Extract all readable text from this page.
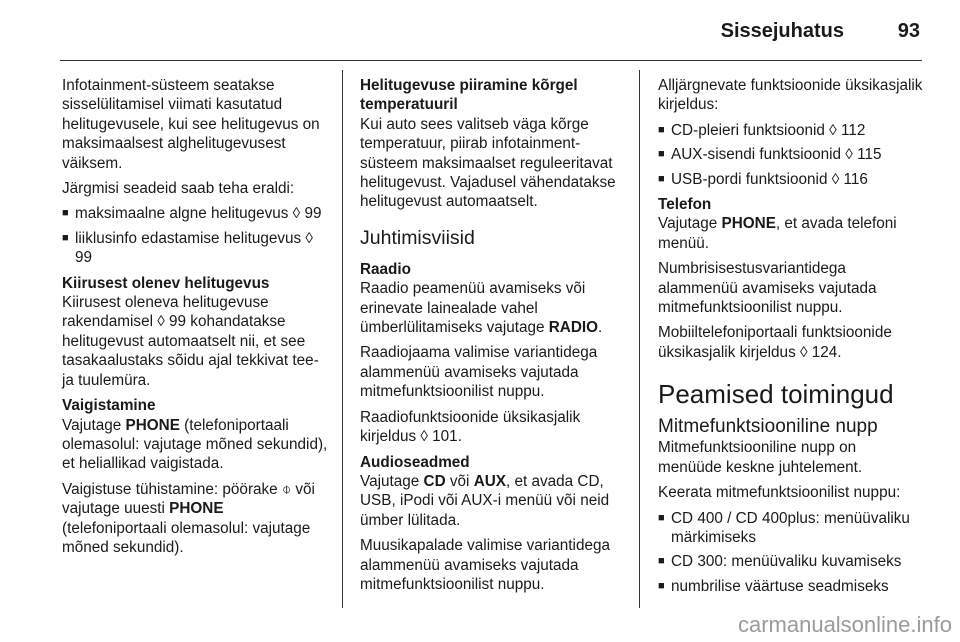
Sissejuhatus	93

Infotainment-süsteem seatakse sisselülitamisel viimati kasutatud helitugevusele, kui see helitugevus on maksimaalsest alghelitugevusest väiksem.

Järgmisi seadeid saab teha eraldi:

■ maksimaalne algne helitugevus ◊ 99
■ liiklusinfo edastamise helitugevus ◊ 99

Kiirusest olenev helitugevus

Kiirusest oleneva helitugevuse rakendamisel ◊ 99 kohandatakse helitugevust automaatselt nii, et see tasakaalustaks sõidu ajal tekkivat tee- ja tuulemüra.

Vaigistamine

Vajutage PHONE (telefoniportaali olemasolul: vajutage mõned sekundid), et heliallikad vaigistada.

Vaigistuse tühistamine: pöörake ⌽ või vajutage uuesti PHONE (telefoniportaali olemasolul: vajutage mõned sekundid).

Helitugevuse piiramine kõrgel temperatuuril

Kui auto sees valitseb väga kõrge temperatuur, piirab infotainment-süsteem maksimaalset reguleeritavat helitugevust. Vajadusel vähendatakse helitugevust automaatselt.

Juhtimisviisid

Raadio

Raadio peamenüü avamiseks või erinevate lainealade vahel ümberlülitamiseks vajutage RADIO.

Raadiojaama valimise variantidega alammenüü avamiseks vajutada mitmefunktsioonilist nuppu.

Raadiofunktsioonide üksikasjalik kirjeldus ◊ 101.

Audioseadmed

Vajutage CD või AUX, et avada CD, USB, iPodi või AUX-i menüü või neid ümber lülitada.

Muusikapalade valimise variantidega alammenüü avamiseks vajutada mitmefunktsioonilist nuppu.

Alljärgnevate funktsioonide üksikasjalik kirjeldus:

■ CD-pleieri funktsioonid ◊ 112
■ AUX-sisendi funktsioonid ◊ 115
■ USB-pordi funktsioonid ◊ 116

Telefon

Vajutage PHONE, et avada telefoni menüü.

Numbrisisestusvariantidega alammenüü avamiseks vajutada mitmefunktsioonilist nuppu.

Mobiiltelefoniportaali funktsioonide üksikasjalik kirjeldus ◊ 124.

Peamised toimingud
Mitmefunktsiooniline nupp

Mitmefunktsiooniline nupp on menüüde keskne juhtelement.

Keerata mitmefunktsioonilist nuppu:

■ CD 400 / CD 400plus: menüüvaliku märkimiseks
■ CD 300: menüüvaliku kuvamiseks
■ numbrilise väärtuse seadmiseks
carmanualsonline.info
